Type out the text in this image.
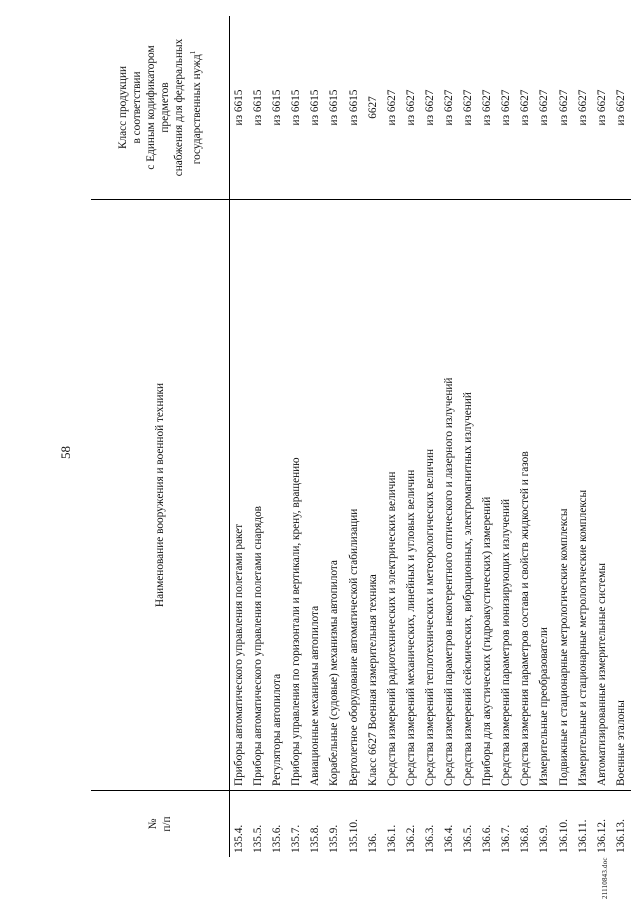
58
№
п/п	Наименование вооружения и военной техники	Класс продукции
в соответствии
с Единым кодификатором предметов
снабжения для федеральных
государственных нужд$^1$
135.4.	Приборы автоматического управления полетами ракет	из 6615
135.5.	Приборы автоматического управления полетами снарядов	из 6615
135.6.	Регуляторы автопилота	из 6615
135.7.	Приборы управления по горизонтали и вертикали, крену, вращению	из 6615
135.8.	Авиационные механизмы автопилота	из 6615
135.9.	Корабельные (судовые) механизмы автопилота	из 6615
135.10.	Вертолетное оборудование автоматической стабилизации	из 6615
136.	Класс 6627 Военная измерительная техника	6627
136.1.	Средства измерений радиотехнических и электрических величин	из 6627
136.2.	Средства измерений механических, линейных и угловых величин	из 6627
136.3.	Средства измерений теплотехнических и метеорологических величин	из 6627
136.4.	Средства измерений параметров некогерентного оптического и лазерного излучений	из 6627
136.5.	Средства измерений сейсмических, вибрационных, электромагнитных излучений	из 6627
136.6.	Приборы для акустических (гидроакустических) измерений	из 6627
136.7.	Средства измерений параметров ионизирующих излучений	из 6627
136.8.	Средства измерения параметров состава и свойств жидкостей и газов	из 6627
136.9.	Измерительные преобразователи	из 6627
136.10.	Подвижные и стационарные метрологические комплексы	из 6627
136.11.	Измерительные и стационарные метрологические комплексы	из 6627
136.12.	Автоматизированные измерительные системы	из 6627
136.13.	Военные эталоны	из 6627
21110843.doc
